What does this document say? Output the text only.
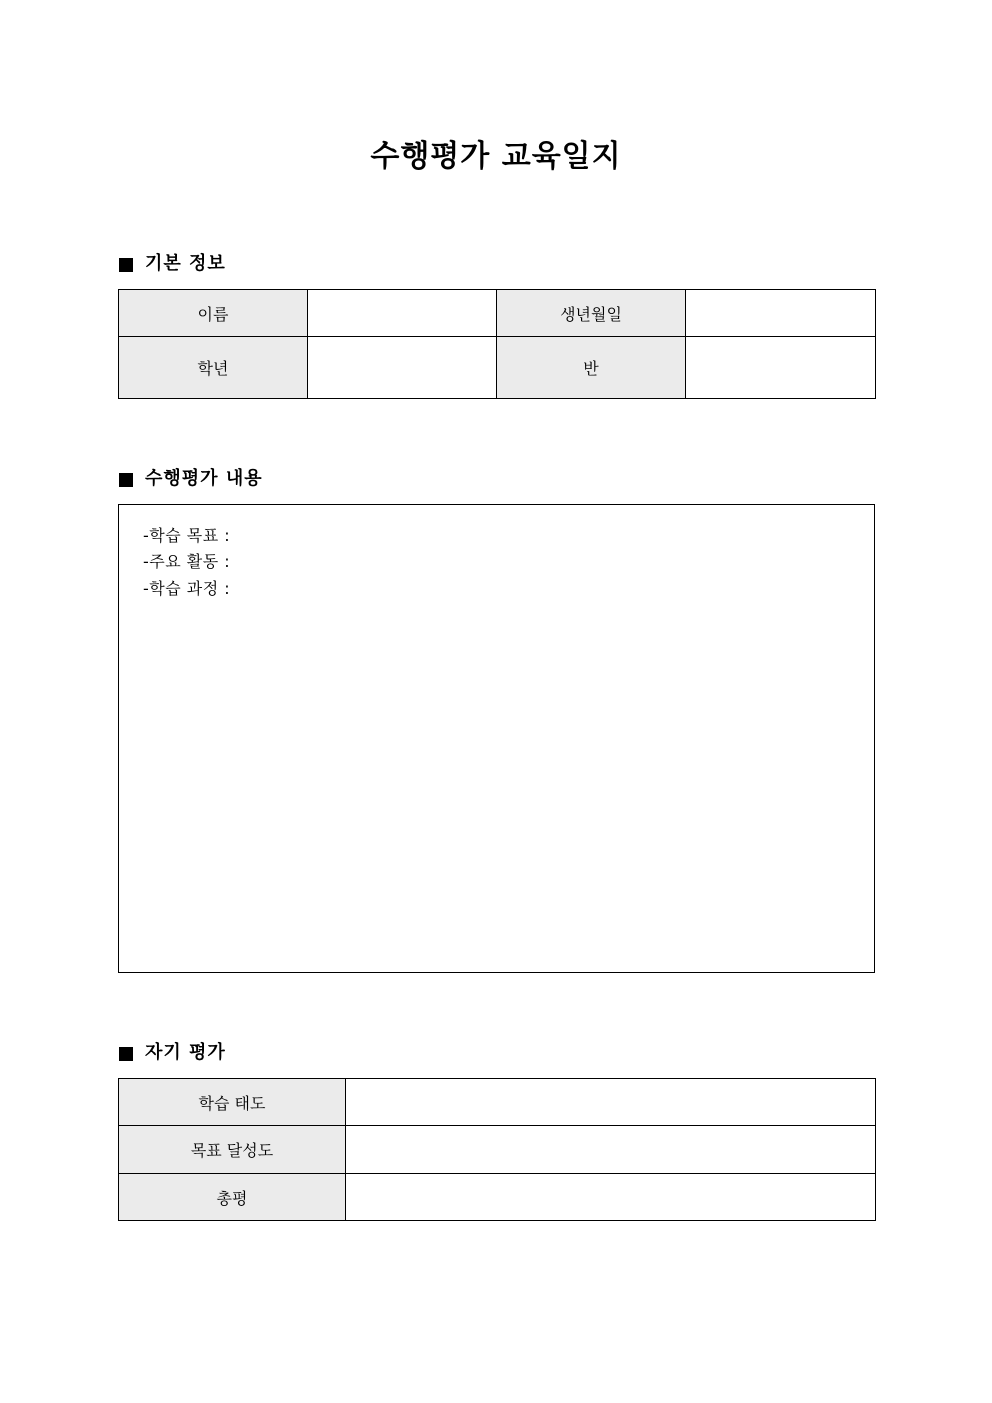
수행평가 교육일지
기본 정보
이름		생년월일	
학년		반	
수행평가 내용
-학습 목표 :
-주요 활동 :
-학습 과정 :
자기 평가
학습 태도	
목표 달성도	
총평	
